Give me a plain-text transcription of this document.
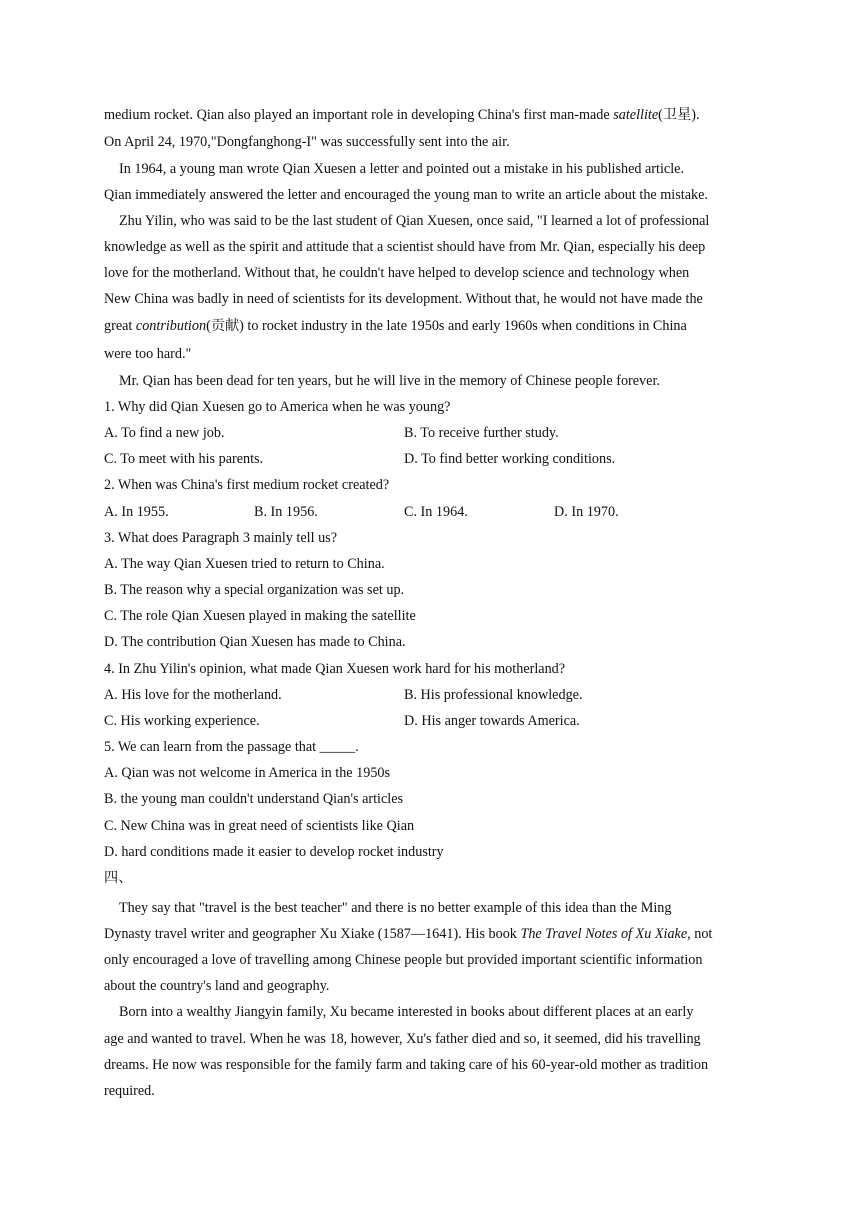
medium rocket. Qian also played an important role in developing China's first man-made satellite(卫星).
On April 24, 1970,"Dongfanghong-I" was successfully sent into the air.
In 1964, a young man wrote Qian Xuesen a letter and pointed out a mistake in his published article.
Qian immediately answered the letter and encouraged the young man to write an article about the mistake.
Zhu Yilin, who was said to be the last student of Qian Xuesen, once said, "I learned a lot of professional
knowledge as well as the spirit and attitude that a scientist should have from Mr. Qian, especially his deep
love for the motherland. Without that, he couldn't have helped to develop science and technology when
New China was badly in need of scientists for its development. Without that, he would not have made the
great contribution(贡献) to rocket industry in the late 1950s and early 1960s when conditions in China
were too hard."
Mr. Qian has been dead for ten years, but he will live in the memory of Chinese people forever.
1. Why did Qian Xuesen go to America when he was young?
A. To find a new job.	B. To receive further study.
C. To meet with his parents.	D. To find better working conditions.
2. When was China's first medium rocket created?
A. In 1955.	B. In 1956.	C. In 1964.	D. In 1970.
3. What does Paragraph 3 mainly tell us?
A. The way Qian Xuesen tried to return to China.
B. The reason why a special organization was set up.
C. The role Qian Xuesen played in making the satellite
D. The contribution Qian Xuesen has made to China.
4. In Zhu Yilin's opinion, what made Qian Xuesen work hard for his motherland?
A. His love for the motherland.	B. His professional knowledge.
C. His working experience.	D. His anger towards America.
5. We can learn from the passage that _____.
A. Qian was not welcome in America in the 1950s
B. the young man couldn't understand Qian's articles
C. New China was in great need of scientists like Qian
D. hard conditions made it easier to develop rocket industry
四、
They say that "travel is the best teacher" and there is no better example of this idea than the Ming
Dynasty travel writer and geographer Xu Xiake (1587—1641). His book The Travel Notes of Xu Xiake, not
only encouraged a love of travelling among Chinese people but provided important scientific information
about the country's land and geography.
Born into a wealthy Jiangyin family, Xu became interested in books about different places at an early
age and wanted to travel. When he was 18, however, Xu's father died and so, it seemed, did his travelling
dreams. He now was responsible for the family farm and taking care of his 60-year-old mother as tradition
required.
